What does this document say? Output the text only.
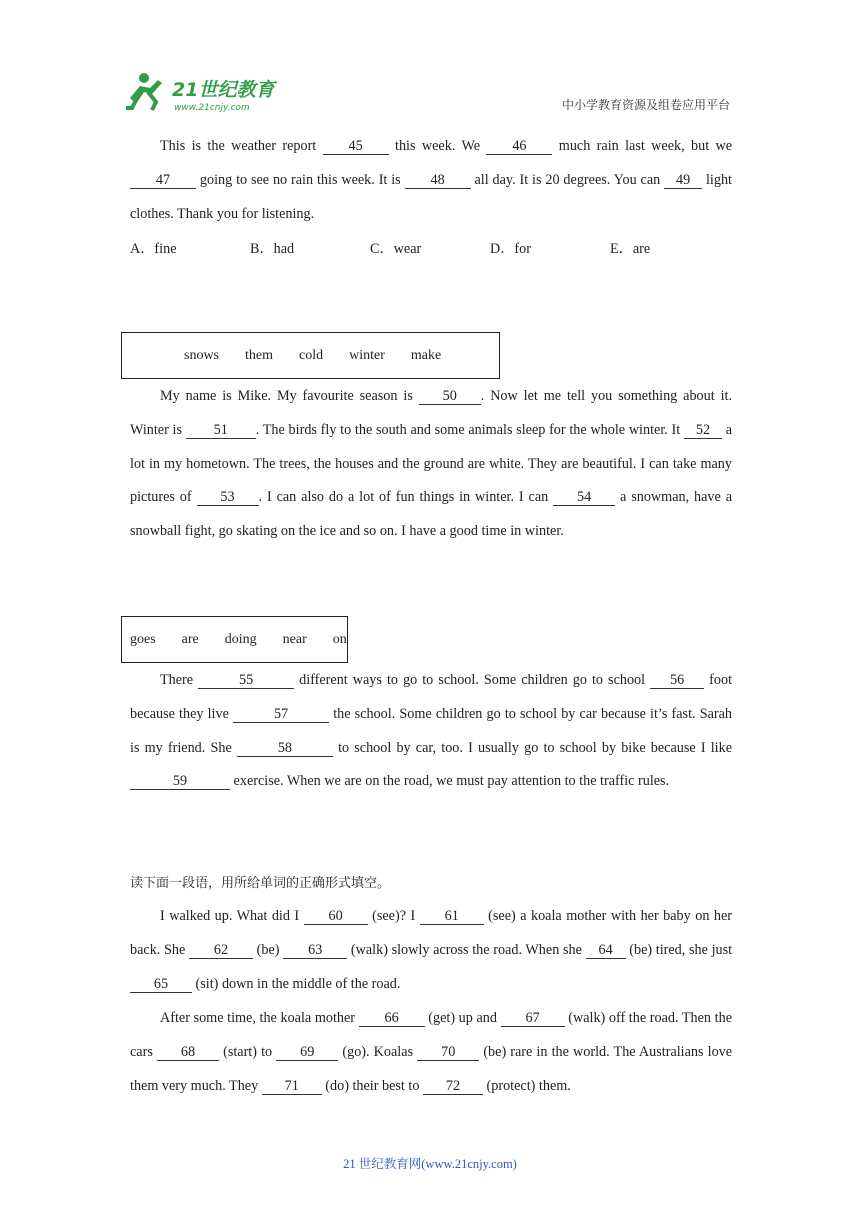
21世纪教育
www.21cnjy.com	中小学教育资源及组卷应用平台
This is the weather report 45 this week. We 46 much rain last week, but we 47 going to see no rain this week. It is 48 all day. It is 20 degrees. You can 49 light clothes. Thank you for listening.
A．fine	B．had	C．wear	D．for	E．are
snows them cold winter make
My name is Mike. My favourite season is 50 . Now let me tell you something about it. Winter is 51 . The birds fly to the south and some animals sleep for the whole winter. It 52 a lot in my hometown. The trees, the houses and the ground are white. They are beautiful. I can take many pictures of 53 . I can also do a lot of fun things in winter. I can 54 a snowman, have a snowball fight, go skating on the ice and so on. I have a good time in winter.
goes are doing near on
There	55	different ways to go to school. Some children go to school 56 foot because they live	57	the school. Some children go to school by car because it’s fast. Sarah is my friend. She	58	to school by car, too. I usually go to school by bike because I like 59	exercise. When we are on the road, we must pay attention to the traffic rules.
读下面一段语，用所给单词的正确形式填空。
I walked up. What did I 60 (see)? I 61 (see) a koala mother with her baby on her back. She 62 (be) 63 (walk) slowly across the road. When she 64 (be) tired, she just 65 (sit) down in the middle of the road.
After some time, the koala mother 66 (get) up and 67 (walk) off the road. Then the cars 68 (start) to 69 (go). Koalas 70 (be) rare in the world. The Australians love them very much. They 71 (do) their best to 72 (protect) them.
21 世纪教育网(www.21cnjy.com)
